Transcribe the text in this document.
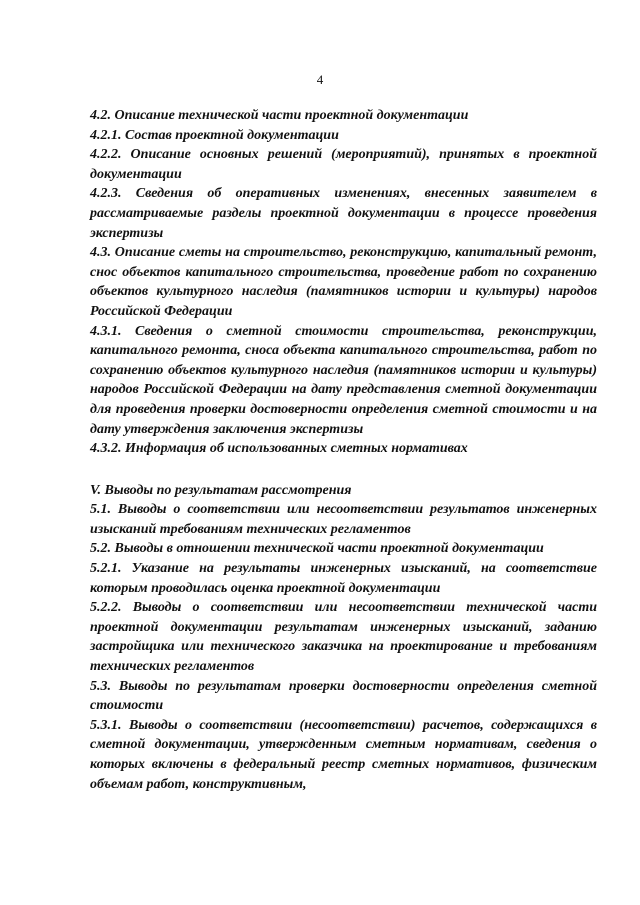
4

4.2. Описание технической части проектной документации

4.2.1. Состав проектной документации

4.2.2. Описание основных решений (мероприятий), принятых в проектной документации

4.2.3. Сведения об оперативных изменениях, внесенных заявителем в рассматриваемые разделы проектной документации в процессе проведения экспертизы

4.3. Описание сметы на строительство, реконструкцию, капитальный ремонт, снос объектов капитального строительства, проведение работ по сохранению объектов культурного наследия (памятников истории и культуры) народов Российской Федерации

4.3.1. Сведения о сметной стоимости строительства, реконструкции, капитального ремонта, сноса объекта капитального строительства, работ по сохранению объектов культурного наследия (памятников истории и культуры) народов Российской Федерации на дату представления сметной документации для проведения проверки достоверности определения сметной стоимости и на дату утверждения заключения экспертизы

4.3.2. Информация об использованных сметных нормативах

V. Выводы по результатам рассмотрения

5.1. Выводы о соответствии или несоответствии результатов инженерных изысканий требованиям технических регламентов

5.2. Выводы в отношении технической части проектной документации

5.2.1. Указание на результаты инженерных изысканий, на соответствие которым проводилась оценка проектной документации

5.2.2. Выводы о соответствии или несоответствии технической части проектной документации результатам инженерных изысканий, заданию застройщика или технического заказчика на проектирование и требованиям технических регламентов

5.3. Выводы по результатам проверки достоверности определения сметной стоимости

5.3.1. Выводы о соответствии (несоответствии) расчетов, содержащихся в сметной документации, утвержденным сметным нормативам, сведения о которых включены в федеральный реестр сметных нормативов, физическим объемам работ, конструктивным,
